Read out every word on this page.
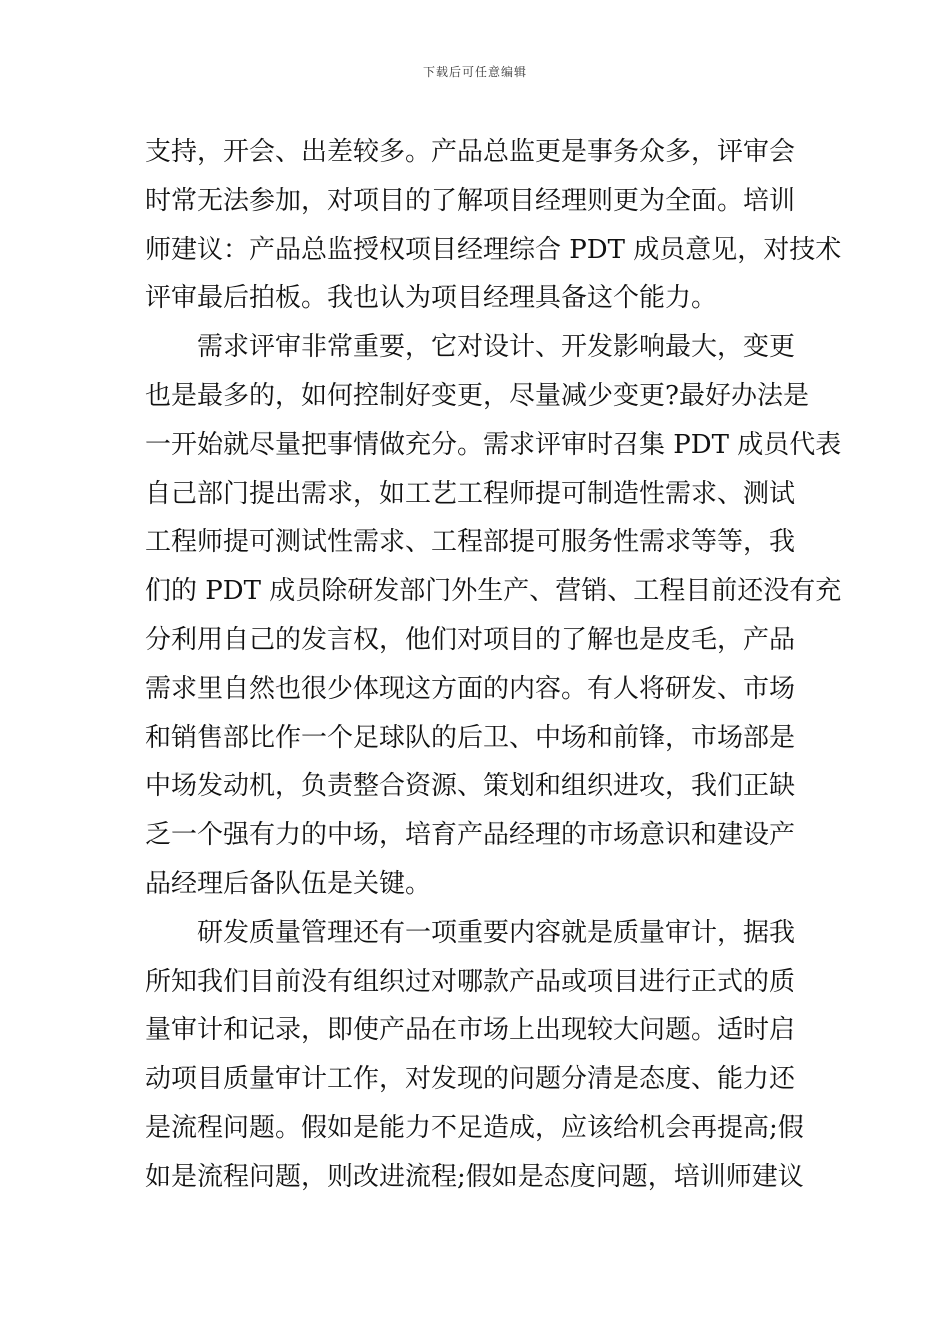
下载后可任意编辑
支持，开会、出差较多。产品总监更是事务众多，评审会
时常无法参加，对项目的了解项目经理则更为全面。培训
师建议：产品总监授权项目经理综合 PDT 成员意见，对技术
评审最后拍板。我也认为项目经理具备这个能力。
需求评审非常重要，它对设计、开发影响最大，变更
也是最多的，如何控制好变更，尽量减少变更?最好办法是
一开始就尽量把事情做充分。需求评审时召集 PDT 成员代表
自己部门提出需求，如工艺工程师提可制造性需求、测试
工程师提可测试性需求、工程部提可服务性需求等等，我
们的 PDT 成员除研发部门外生产、营销、工程目前还没有充
分利用自己的发言权，他们对项目的了解也是皮毛，产品
需求里自然也很少体现这方面的内容。有人将研发、市场
和销售部比作一个足球队的后卫、中场和前锋，市场部是
中场发动机，负责整合资源、策划和组织进攻，我们正缺
乏一个强有力的中场，培育产品经理的市场意识和建设产
品经理后备队伍是关键。
研发质量管理还有一项重要内容就是质量审计，据我
所知我们目前没有组织过对哪款产品或项目进行正式的质
量审计和记录，即使产品在市场上出现较大问题。适时启
动项目质量审计工作，对发现的问题分清是态度、能力还
是流程问题。假如是能力不足造成，应该给机会再提高;假
如是流程问题，则改进流程;假如是态度问题，培训师建议
